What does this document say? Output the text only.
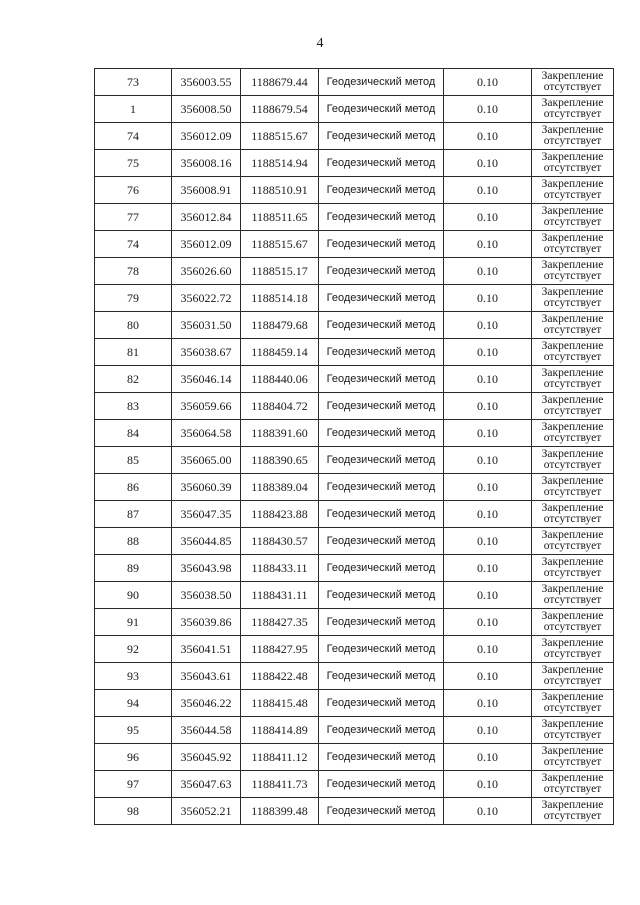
4
73	356003.55	1188679.44	Геодезический метод	0.10	Закрепление
отсутствует

1	356008.50	1188679.54	Геодезический метод	0.10	Закрепление
отсутствует

74	356012.09	1188515.67	Геодезический метод	0.10	Закрепление
отсутствует

75	356008.16	1188514.94	Геодезический метод	0.10	Закрепление
отсутствует

76	356008.91	1188510.91	Геодезический метод	0.10	Закрепление
отсутствует

77	356012.84	1188511.65	Геодезический метод	0.10	Закрепление
отсутствует

74	356012.09	1188515.67	Геодезический метод	0.10	Закрепление
отсутствует

78	356026.60	1188515.17	Геодезический метод	0.10	Закрепление
отсутствует

79	356022.72	1188514.18	Геодезический метод	0.10	Закрепление
отсутствует

80	356031.50	1188479.68	Геодезический метод	0.10	Закрепление
отсутствует

81	356038.67	1188459.14	Геодезический метод	0.10	Закрепление
отсутствует

82	356046.14	1188440.06	Геодезический метод	0.10	Закрепление
отсутствует

83	356059.66	1188404.72	Геодезический метод	0.10	Закрепление
отсутствует

84	356064.58	1188391.60	Геодезический метод	0.10	Закрепление
отсутствует

85	356065.00	1188390.65	Геодезический метод	0.10	Закрепление
отсутствует

86	356060.39	1188389.04	Геодезический метод	0.10	Закрепление
отсутствует

87	356047.35	1188423.88	Геодезический метод	0.10	Закрепление
отсутствует

88	356044.85	1188430.57	Геодезический метод	0.10	Закрепление
отсутствует

89	356043.98	1188433.11	Геодезический метод	0.10	Закрепление
отсутствует

90	356038.50	1188431.11	Геодезический метод	0.10	Закрепление
отсутствует

91	356039.86	1188427.35	Геодезический метод	0.10	Закрепление
отсутствует

92	356041.51	1188427.95	Геодезический метод	0.10	Закрепление
отсутствует

93	356043.61	1188422.48	Геодезический метод	0.10	Закрепление
отсутствует

94	356046.22	1188415.48	Геодезический метод	0.10	Закрепление
отсутствует

95	356044.58	1188414.89	Геодезический метод	0.10	Закрепление
отсутствует

96	356045.92	1188411.12	Геодезический метод	0.10	Закрепление
отсутствует

97	356047.63	1188411.73	Геодезический метод	0.10	Закрепление
отсутствует

98	356052.21	1188399.48	Геодезический метод	0.10	Закрепление
отсутствует
